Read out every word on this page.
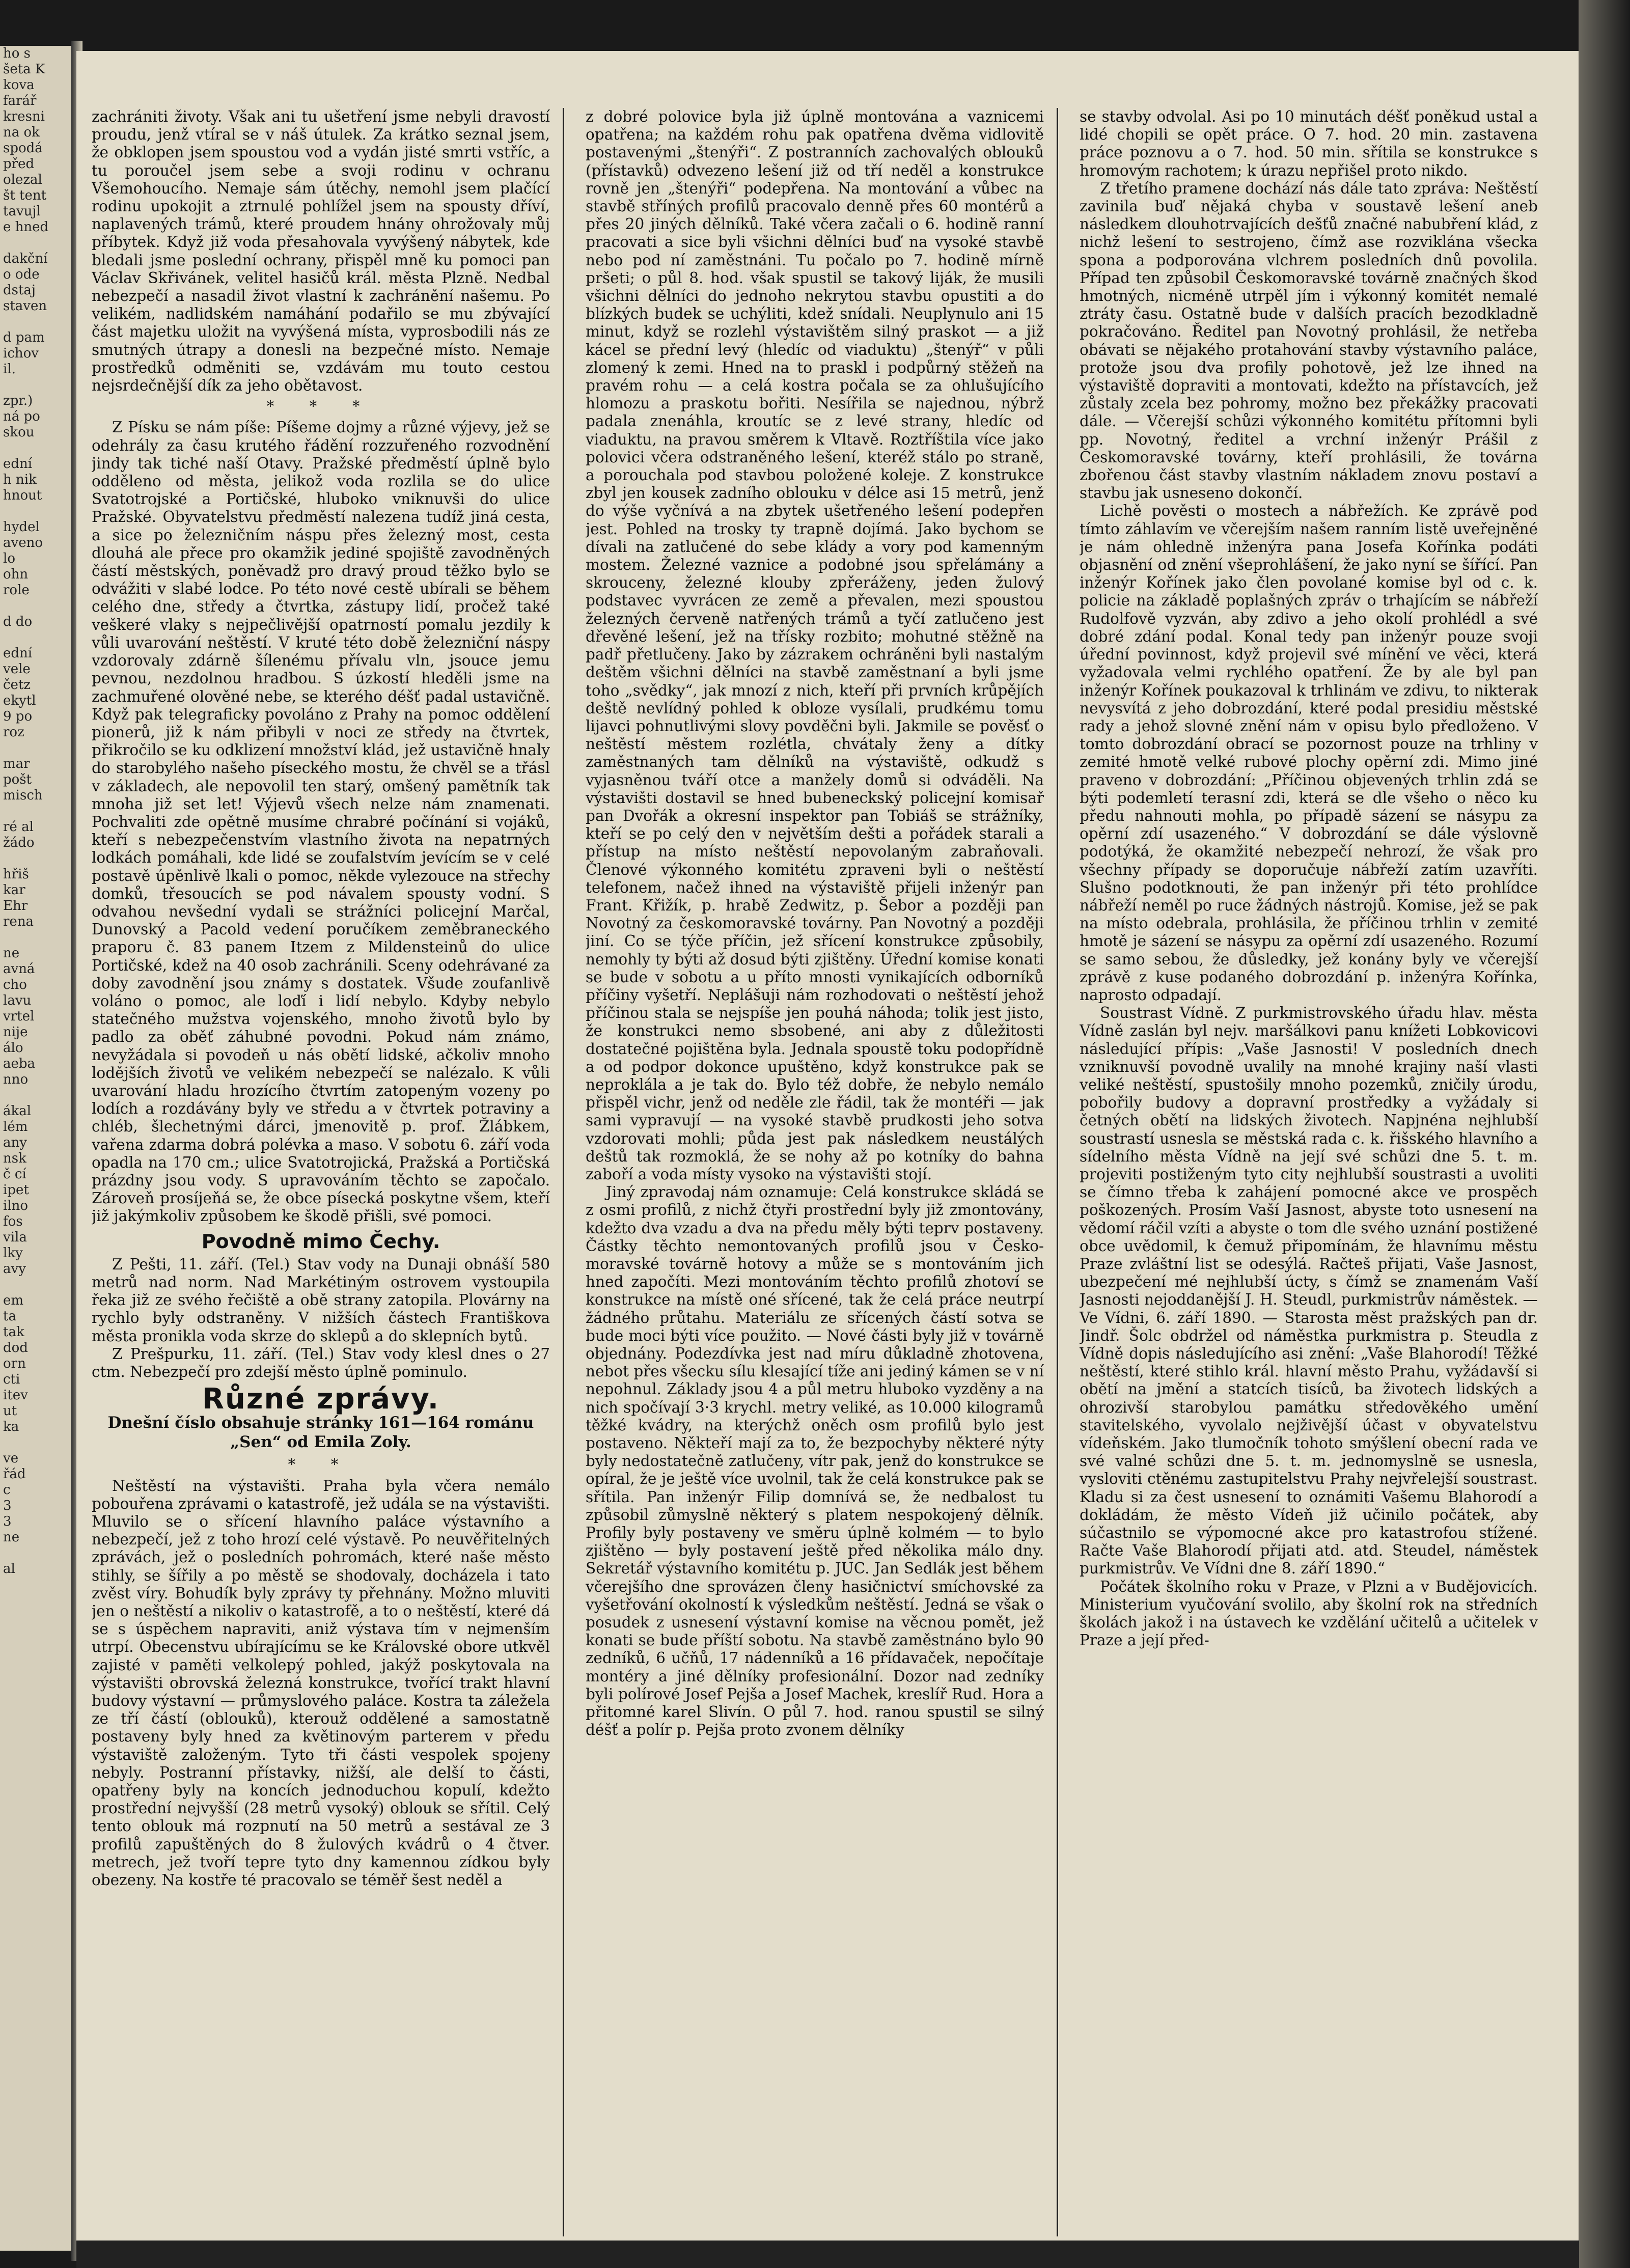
ho s
šeta K
kova
farář
kresni
na ok
spodá
před
olezal
št tent
tavujl
e hned

dakční
o ode
dstaj
staven

d pam
ichov
il.

zpr.)
ná po
skou

ední
h nik
hnout

hydel
aveno
lo
ohn
role

d do

ední
vele
četz
ekytl
9 po
roz

mar
pošt
misch

ré al
žádo

hřiš
kar
Ehr
rena

ne
avná
cho
lavu
vrtel
nije
álo
aeba
nno

ákal
lém
any
nsk
č cí
ipet
ilno
fos
vila
lky
avy

em
ta
tak
dod
orn
cti
itev
ut
ka

ve
řád
c
3
3
ne

al

zachrániti životy. Však ani tu ušetření jsme nebyli dravostí proudu, jenž vtíral se v náš útulek. Za krátko seznal jsem, že obklopen jsem spoustou vod a vydán jisté smrti vstříc, a tu poroučel jsem sebe a svoji rodinu v ochranu Všemohoucího. Nemaje sám útěchy, nemohl jsem plačící rodinu upokojit a ztrnulé pohlížel jsem na spousty dříví, naplavených trámů, které proudem hnány ohrožovaly můj příbytek. Když již voda přesahovala vyvýšený nábytek, kde bledali jsme poslední ochrany, přispěl mně ku pomoci pan Václav Skřivánek, velitel hasičů král. města Plzně. Nedbal nebezpečí a nasadil život vlastní k zachránění našemu. Po velikém, nadlidském namáhání podařilo se mu zbývající část majetku uložit na vyvýšená místa, vyprosbodili nás ze smutných útrapy a donesli na bezpečné místo. Nemaje prostředků odměniti se, vzdávám mu touto cestou nejsrdečnější dík za jeho obětavost.

* * *

Z Písku se nám píše: Píšeme dojmy a různé výjevy, jež se odehrály za času krutého řádění rozzuřeného rozvodnění jindy tak tiché naší Otavy. Pražské předměstí úplně bylo odděleno od města, jelikož voda rozlila se do ulice Svatotrojské a Portičské, hluboko vniknuvši do ulice Pražské. Obyvatelstvu předměstí nalezena tudíž jiná cesta, a sice po železničním náspu přes železný most, cesta dlouhá ale přece pro okamžik jediné spojiště zavodněných částí městských, poněvadž pro dravý proud těžko bylo se odvážiti v slabé lodce. Po této nové cestě ubírali se během celého dne, středy a čtvrtka, zástupy lidí, pročež také veškeré vlaky s nejpečlivější opatrností pomalu jezdily k vůli uvarování neštěstí. V kruté této době železniční náspy vzdorovaly zdárně šílenému přívalu vln, jsouce jemu pevnou, nezdolnou hradbou. S úzkostí hleděli jsme na zachmuřené olověné nebe, se kterého déšť padal ustavičně. Když pak telegraficky povoláno z Prahy na pomoc oddělení pionerů, již k nám přibyli v noci ze středy na čtvrtek, přikročilo se ku odklizení množství klád, jež ustavičně hnaly do starobylého našeho píseckého mostu, že chvěl se a třásl v základech, ale nepovolil ten starý, omšený pamětník tak mnoha již set let! Výjevů všech nelze nám znamenati. Pochvaliti zde opětně musíme chrabré počínání si vojáků, kteří s nebezpečenstvím vlastního života na nepatrných lodkách pomáhali, kde lidé se zoufalstvím jevícím se v celé postavě úpěnlivě lkali o pomoc, někde vylezouce na střechy domků, třesoucích se pod návalem spousty vodní. S odvahou nevšední vydali se strážníci policejní Marčal, Dunovský a Pacold vedení poručíkem zeměbraneckého praporu č. 83 panem Itzem z Mildensteinů do ulice Portičské, kdež na 40 osob zachránili. Sceny odehrávané za doby zavodnění jsou známy s dostatek. Všude zoufanlivě voláno o pomoc, ale loďí i lidí nebylo. Kdyby nebylo statečného mužstva vojenského, mnoho životů bylo by padlo za oběť záhubné povodni. Pokud nám známo, nevyžádala si povodeň u nás obětí lidské, ačkoliv mnoho lodějších životů ve velikém nebezpečí se nalézalo. K vůli uvarování hladu hrozícího čtvrtím zatopeným vozeny po lodích a rozdávány byly ve středu a v čtvrtek potraviny a chléb, šlechetnými dárci, jmenovitě p. prof. Žlábkem, vařena zdarma dobrá polévka a maso. V sobotu 6. září voda opadla na 170 cm.; ulice Svatotrojická, Pražská a Portičská prázdny jsou vody. S upravováním těchto se započalo. Zároveň prosíjeňá se, že obce písecká poskytne všem, kteří již jakýmkoliv způsobem ke škodě přišli, své pomoci.

Povodně mimo Čechy.

Z Pešti, 11. září. (Tel.) Stav vody na Dunaji obnáší 580 metrů nad norm. Nad Markétiným ostrovem vystoupila řeka již ze svého řečiště a obě strany zatopila. Plovárny na rychlo byly odstraněny. V nižších částech Františkova města pronikla voda skrze do sklepů a do sklepních bytů.

Z Prešpurku, 11. září. (Tel.) Stav vody klesl dnes o 27 ctm. Nebezpečí pro zdejší město úplně pominulo.

Různé zprávy.
Dnešní číslo obsahuje stránky 161—164 románu „Sen“ od Emila Zoly.
* *

Neštěstí na výstavišti. Praha byla včera nemálo pobouřena zprávami o katastrofě, jež udála se na výstavišti. Mluvilo se o sřícení hlavního paláce výstavního a nebezpečí, jež z toho hrozí celé výstavě. Po neuvěřitelných zprávách, jež o posledních pohromách, které naše město stihly, se šířily a po městě se shodovaly, docházela i tato zvěst víry. Bohudík byly zprávy ty přehnány. Možno mluviti jen o neštěstí a nikoliv o katastrofě, a to o neštěstí, které dá se s úspěchem napraviti, aniž výstava tím v nejmenším utrpí. Obecenstvu ubírajícímu se ke Královské obore utkvěl zajisté v paměti velkolepý pohled, jakýž poskytovala na výstavišti obrovská železná konstrukce, tvořící trakt hlavní budovy výstavní — průmyslového paláce. Kostra ta záležela ze tří částí (oblouků), kterouž oddělené a samostatně postaveny byly hned za květinovým parterem v předu výstaviště založeným. Tyto tři části vespolek spojeny nebyly. Postranní přístavky, nižší, ale delší to části, opatřeny byly na koncích jednoduchou kopulí, kdežto prostřední nejvyšší (28 metrů vysoký) oblouk se sřítil. Celý tento oblouk má rozpnutí na 50 metrů a sestával ze 3 profilů zapuštěných do 8 žulových kvádrů o 4 čtver. metrech, jež tvoří tepre tyto dny kamennou zídkou byly obezeny. Na kostře té pracovalo se téměř šest neděl a

z dobré polovice byla již úplně montována a vaznicemi opatřena; na každém rohu pak opatřena dvěma vidlovitě postavenými „štenýři“. Z postranních zachovalých oblouků (přístavků) odvezeno lešení již od tří neděl a konstrukce rovně jen „štenýři“ podepřena. Na montování a vůbec na stavbě stříných profilů pracovalo denně přes 60 montérů a přes 20 jiných dělníků. Také včera začali o 6. hodině ranní pracovati a sice byli všichni dělníci buď na vysoké stavbě nebo pod ní zaměstnáni. Tu počalo po 7. hodině mírně pršeti; o půl 8. hod. však spustil se takový liják, že musili všichni dělníci do jednoho nekrytou stavbu opustiti a do blízkých budek se uchýliti, kdež snídali. Neuplynulo ani 15 minut, když se rozlehl výstavištěm silný praskot — a již kácel se přední levý (hledíc od viaduktu) „štenýř“ v půli zlomený k zemi. Hned na to praskl i podpůrný stěžeň na pravém rohu — a celá kostra počala se za ohlušujícího hlomozu a praskotu bořiti. Nesířila se najednou, nýbrž padala znenáhla, kroutíc se z levé strany, hledíc od viaduktu, na pravou směrem k Vltavě. Roztříštila více jako polovici včera odstraněného lešení, kteréž stálo po straně, a porouchala pod stavbou položené koleje. Z konstrukce zbyl jen kousek zadního oblouku v délce asi 15 metrů, jenž do výše vyčnívá a na zbytek ušetřeného lešení podepřen jest. Pohled na trosky ty trapně dojímá. Jako bychom se dívali na zatlučené do sebe klády a vory pod kamenným mostem. Železné vaznice a podobné jsou spřelámány a skrouceny, železné klouby zpřeráženy, jeden žulový podstavec vyvrácen ze země a převalen, mezi spoustou železných červeně natřených trámů a tyčí zatlučeno jest dřevěné lešení, jež na třísky rozbito; mohutné stěžně na padř přetlučeny. Jako by zázrakem ochráněni byli nastalým deštěm všichni dělníci na stavbě zaměstnaní a byli jsme toho „svědky“, jak mnozí z nich, kteří při prvních krůpějích deště nevlídný pohled k obloze vysílali, prudkému tomu lijavci pohnutlivými slovy povděčni byli. Jakmile se pověsť o neštěstí městem rozlétla, chvátaly ženy a dítky zaměstnaných tam dělníků na výstaviště, odkudž s vyjasněnou tváří otce a manžely domů si odváděli. Na výstavišti dostavil se hned bubeneckský policejní komisař pan Dvořák a okresní inspektor pan Tobiáš se strážníky, kteří se po celý den v největším dešti a pořádek starali a přístup na místo neštěstí nepovolaným zabraňovali. Členové výkonného komitétu zpraveni byli o neštěstí telefonem, načež ihned na výstaviště přijeli inženýr pan Frant. Křižík, p. hrabě Zedwitz, p. Šebor a později pan Novotný za českomoravské továrny. Pan Novotný a později jiní. Co se týče příčin, jež sřícení konstrukce způsobily, nemohly ty býti až dosud býti zjištěny. Úřední komise konati se bude v sobotu a u příto mnosti vynikajících odborníků příčiny vyšetří. Neplášuji nám rozhodovati o neštěstí jehož příčinou stala se nejspíše jen pouhá náhoda; tolik jest jisto, že konstrukci nemo sbsobené, ani aby z důležitosti dostatečné pojištěna byla. Jednala spoustě toku podopřídně a od podpor dokonce upuštěno, když konstrukce pak se neproklála a je tak do. Bylo též dobře, že nebylo nemálo přispěl vichr, jenž od neděle zle řádil, tak že montéři — jak sami vypravují — na vysoké stavbě prudkosti jeho sotva vzdorovati mohli; půda jest pak následkem neustálých deštů tak rozmoklá, že se nohy až po kotníky do bahna zaboří a voda místy vysoko na výstavišti stojí.

Jiný zpravodaj nám oznamuje: Celá konstrukce skládá se z osmi profilů, z nichž čtyři prostřední byly již zmontovány, kdežto dva vzadu a dva na předu měly býti teprv postaveny. Částky těchto nemontovaných profilů jsou v Česko-moravské továrně hotovy a může se s montováním jich hned započíti. Mezi montováním těchto profilů zhotoví se konstrukce na místě oné sřícené, tak že celá práce neutrpí žádného průtahu. Materiálu ze sřícených částí sotva se bude moci býti více použito. — Nové části byly již v továrně objednány. Podezdívka jest nad míru důkladně zhotovena, nebot přes všecku sílu klesající tíže ani jediný kámen se v ní nepohnul. Základy jsou 4 a půl metru hluboko vyzděny a na nich spočívají 3·3 krychl. metry veliké, as 10.000 kilogramů těžké kvádry, na kterýchž oněch osm profilů bylo jest postaveno. Někteří mají za to, že bezpochyby některé nýty byly nedostatečně zatlučeny, vítr pak, jenž do konstrukce se opíral, že je ještě více uvolnil, tak že celá konstrukce pak se sřítila. Pan inženýr Filip domnívá se, že nedbalost tu způsobil zůmyslně některý s platem nespokojený dělník. Profily byly postaveny ve směru úplně kolmém — to bylo zjištěno — byly postavení ještě před několika málo dny. Sekretář výstavního komitétu p. JUC. Jan Sedlák jest během včerejšího dne sprovázen členy hasičnictví smíchovské za vyšetřování okolností k výsledkům neštěstí. Jedná se však o posudek z usnesení výstavní komise na věcnou pomět, jež konati se bude příští sobotu. Na stavbě zaměstnáno bylo 90 zedníků, 6 učňů, 17 nádenníků a 16 přídavaček, nepočítaje montéry a jiné dělníky profesionální. Dozor nad zedníky byli polírové Josef Pejša a Josef Machek, kreslíř Rud. Hora a přitomné karel Slivín. O půl 7. hod. ranou spustil se silný déšť a polír p. Pejša proto zvonem dělníky

se stavby odvolal. Asi po 10 minutách déšť poněkud ustal a lidé chopili se opět práce. O 7. hod. 20 min. zastavena práce poznovu a o 7. hod. 50 min. sřítila se konstrukce s hromovým rachotem; k úrazu nepřišel proto nikdo.

Z třetího pramene dochází nás dále tato zpráva: Neštěstí zavinila buď nějaká chyba v soustavě lešení aneb následkem dlouhotrvajících dešťů značné nabubření klád, z nichž lešení to sestrojeno, čímž ase rozviklána všecka spona a podporována vlchrem posledních dnů povolila. Případ ten způsobil Českomoravské továrně značných škod hmotných, nicméně utrpěl jím i výkonný komitét nemalé ztráty času. Ostatně bude v dalších pracích bezodkladně pokračováno. Ředitel pan Novotný prohlásil, že netřeba obávati se nějakého protahování stavby výstavního paláce, protože jsou dva profily pohotově, jež lze ihned na výstaviště dopraviti a montovati, kdežto na přístavcích, jež zůstaly zcela bez pohromy, možno bez překážky pracovati dále. — Včerejší schůzi výkonného komitétu přítomni byli pp. Novotný, ředitel a vrchní inženýr Prášil z Českomoravské továrny, kteří prohlásili, že továrna zbořenou část stavby vlastním nákladem znovu postaví a stavbu jak usneseno dokončí.

Lichě pověsti o mostech a nábřežích. Ke zprávě pod tímto záhlavím ve včerejším našem ranním listě uveřejněné je nám ohledně inženýra pana Josefa Kořínka podáti objasnění od znění všeprohlášení, že jako nyní se šířící. Pan inženýr Kořínek jako člen povolané komise byl od c. k. policie na základě poplašných zpráv o trhajícím se nábřeží Rudolfově vyzván, aby zdivo a jeho okolí prohlédl a své dobré zdání podal. Konal tedy pan inženýr pouze svoji úřední povinnost, když projevil své mínění ve věci, která vyžadovala velmi rychlého opatření. Že by ale byl pan inženýr Kořínek poukazoval k trhlinám ve zdivu, to nikterak nevysvítá z jeho dobrozdání, které podal presidiu městské rady a jehož slovné znění nám v opisu bylo předloženo. V tomto dobrozdání obrací se pozornost pouze na trhliny v zemité hmotě velké rubové plochy opěrní zdi. Mimo jiné praveno v dobrozdání: „Příčinou objevených trhlin zdá se býti podemletí terasní zdi, která se dle všeho o něco ku předu nahnouti mohla, po případě sázení se násypu za opěrní zdí usazeného.“ V dobrozdání se dále výslovně podotýká, že okamžité nebezpečí nehrozí, že však pro všechny případy se doporučuje nábřeží zatím uzavříti. Slušno podotknouti, že pan inženýr při této prohlídce nábřeží neměl po ruce žádných nástrojů. Komise, jež se pak na místo odebrala, prohlásila, že příčinou trhlin v zemité hmotě je sázení se násypu za opěrní zdí usazeného. Rozumí se samo sebou, že důsledky, jež konány byly ve včerejší zprávě z kuse podaného dobrozdání p. inženýra Kořínka, naprosto odpadají.

Soustrast Vídně. Z purkmistrovského úřadu hlav. města Vídně zaslán byl nejv. maršálkovi panu knížeti Lobkovicovi následující přípis: „Vaše Jasnosti! V posledních dnech vzniknuvší povodně uvalily na mnohé krajiny naší vlasti veliké neštěstí, spustošily mnoho pozemků, zničily úrodu, pobořily budovy a dopravní prostředky a vyžádaly si četných obětí na lidských životech. Napjnéna nejhlubší soustrastí usnesla se městská rada c. k. řišského hlavního a sídelního města Vídně na její své schůzi dne 5. t. m. projeviti postiženým tyto city nejhlubší soustrasti a uvoliti se čímno třeba k zahájení pomocné akce ve prospěch poškozených. Prosím Vaší Jasnost, abyste toto usnesení na vědomí ráčil vzíti a abyste o tom dle svého uznání postižené obce uvědomil, k čemuž připomínám, že hlavnímu městu Praze zvláštní list se odesýlá. Račteš přijati, Vaše Jasnost, ubezpečení mé nejhlubší úcty, s čímž se znamenám Vaší Jasnosti nejoddanější J. H. Steudl, purkmistrův náměstek. — Ve Vídni, 6. září 1890. — Starosta měst pražských pan dr. Jindř. Šolc obdržel od náměstka purkmistra p. Steudla z Vídně dopis následujícího asi znění: „Vaše Blahorodí! Těžké neštěstí, které stihlo král. hlavní město Prahu, vyžádavší si obětí na jmění a statcích tisíců, ba životech lidských a ohrozivší starobylou památku středověkého umění stavitelského, vyvolalo nejživější účast v obyvatelstvu vídeňském. Jako tlumočník tohoto smýšlení obecní rada ve své valné schůzi dne 5. t. m. jednomyslně se usnesla, vysloviti ctěnému zastupitelstvu Prahy nejvřelejší soustrast. Kladu si za čest usnesení to oznámiti Vašemu Blahorodí a dokládám, že město Vídeň již učinilo počátek, aby súčastnilo se výpomocné akce pro katastrofou stížené. Račte Vaše Blahorodí přijati atd. atd. Steudel, náměstek purkmistrův. Ve Vídni dne 8. září 1890.“

Počátek školního roku v Praze, v Plzni a v Budějovicích. Ministerium vyučování svolilo, aby školní rok na středních školách jakož i na ústavech ke vzdělání učitelů a učitelek v Praze a její před-
